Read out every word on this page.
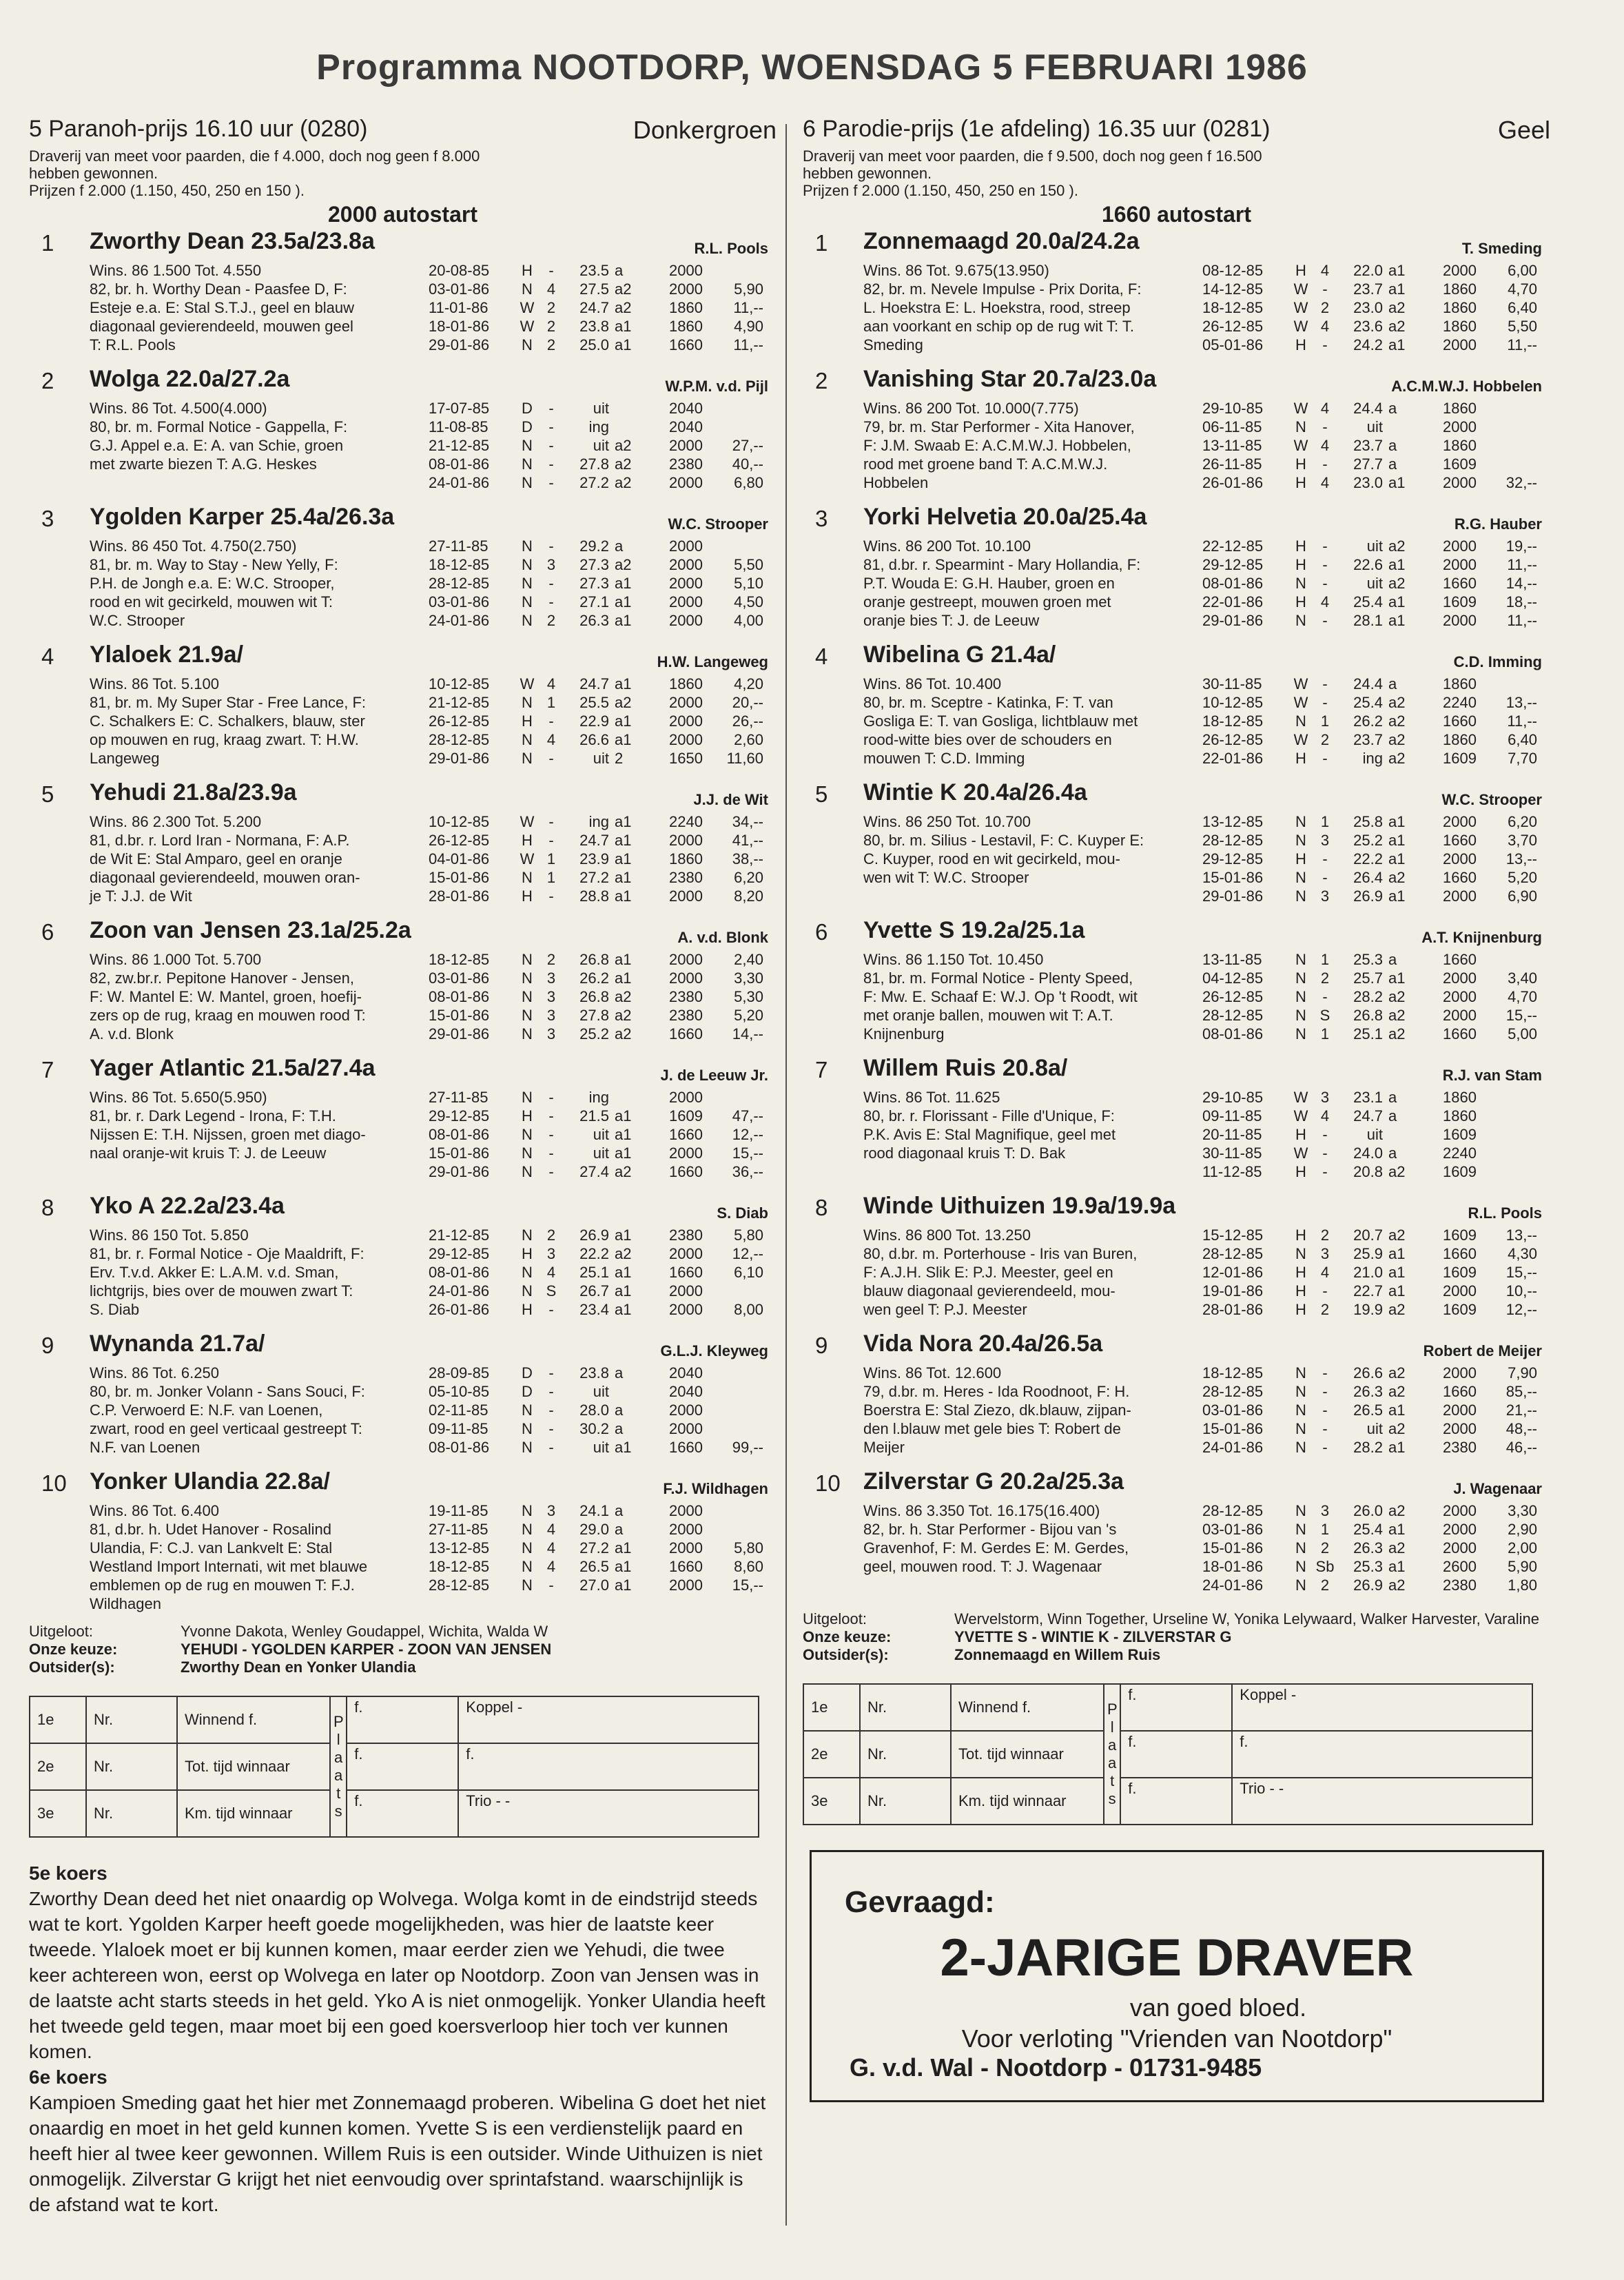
Programma NOOTDORP, WOENSDAG 5 FEBRUARI 1986
5 Paranoh-prijs 16.10 uur (0280)	Donkergroen
Draverij van meet voor paarden, die f 4.000, doch nog geen f 8.000
hebben gewonnen.
Prijzen f 2.000 (1.150, 450, 250 en 150 ).
2000 autostart
1 Zworthy Dean 23.5a/23.8a	R.L. Pools
Wins. 86 1.500 Tot. 4.550
82, br. h. Worthy Dean - Paasfee D, F:
Esteje e.a. E: Stal S.T.J., geel en blauw
diagonaal gevierendeeld, mouwen geel
T: R.L. Pools
20-08-85	H	-	23.5	a	2000	
03-01-86	N	4	27.5	a2	2000	5,90
11-01-86	W	2	24.7	a2	1860	11,--
18-01-86	W	2	23.8	a1	1860	4,90
29-01-86	N	2	25.0	a1	1660	11,--
2 Wolga 22.0a/27.2a	W.P.M. v.d. Pijl
Wins. 86 Tot. 4.500(4.000)
80, br. m. Formal Notice - Gappella, F:
G.J. Appel e.a. E: A. van Schie, groen
met zwarte biezen T: A.G. Heskes
17-07-85	D	-	uit		2040	
11-08-85	D	-	ing		2040	
21-12-85	N	-	uit	a2	2000	27,--
08-01-86	N	-	27.8	a2	2380	40,--
24-01-86	N	-	27.2	a2	2000	6,80
3 Ygolden Karper 25.4a/26.3a	W.C. Strooper
Wins. 86 450 Tot. 4.750(2.750)
81, br. m. Way to Stay - New Yelly, F:
P.H. de Jongh e.a. E: W.C. Strooper,
rood en wit gecirkeld, mouwen wit T:
W.C. Strooper
27-11-85	N	-	29.2	a	2000	
18-12-85	N	3	27.3	a2	2000	5,50
28-12-85	N	-	27.3	a1	2000	5,10
03-01-86	N	-	27.1	a1	2000	4,50
24-01-86	N	2	26.3	a1	2000	4,00
4 Ylaloek 21.9a/	H.W. Langeweg
Wins. 86 Tot. 5.100
81, br. m. My Super Star - Free Lance, F:
C. Schalkers E: C. Schalkers, blauw, ster
op mouwen en rug, kraag zwart. T: H.W.
Langeweg
10-12-85	W	4	24.7	a1	1860	4,20
21-12-85	N	1	25.5	a2	2000	20,--
26-12-85	H	-	22.9	a1	2000	26,--
28-12-85	N	4	26.6	a1	2000	2,60
29-01-86	N	-	uit	2	1650	11,60
5 Yehudi 21.8a/23.9a	J.J. de Wit
Wins. 86 2.300 Tot. 5.200
81, d.br. r. Lord Iran - Normana, F: A.P.
de Wit E: Stal Amparo, geel en oranje
diagonaal gevierendeeld, mouwen oran-
je T: J.J. de Wit
10-12-85	W	-	ing	a1	2240	34,--
26-12-85	H	-	24.7	a1	2000	41,--
04-01-86	W	1	23.9	a1	1860	38,--
15-01-86	N	1	27.2	a1	2380	6,20
28-01-86	H	-	28.8	a1	2000	8,20
6 Zoon van Jensen 23.1a/25.2a	A. v.d. Blonk
Wins. 86 1.000 Tot. 5.700
82, zw.br.r. Pepitone Hanover - Jensen,
F: W. Mantel E: W. Mantel, groen, hoefij-
zers op de rug, kraag en mouwen rood T:
A. v.d. Blonk
18-12-85	N	2	26.8	a1	2000	2,40
03-01-86	N	3	26.2	a1	2000	3,30
08-01-86	N	3	26.8	a2	2380	5,30
15-01-86	N	3	27.8	a2	2380	5,20
29-01-86	N	3	25.2	a2	1660	14,--
7 Yager Atlantic 21.5a/27.4a	J. de Leeuw Jr.
Wins. 86 Tot. 5.650(5.950)
81, br. r. Dark Legend - Irona, F: T.H.
Nijssen E: T.H. Nijssen, groen met diago-
naal oranje-wit kruis T: J. de Leeuw
27-11-85	N	-	ing		2000	
29-12-85	H	-	21.5	a1	1609	47,--
08-01-86	N	-	uit	a1	1660	12,--
15-01-86	N	-	uit	a1	2000	15,--
29-01-86	N	-	27.4	a2	1660	36,--
8 Yko A 22.2a/23.4a	S. Diab
Wins. 86 150 Tot. 5.850
81, br. r. Formal Notice - Oje Maaldrift, F:
Erv. T.v.d. Akker E: L.A.M. v.d. Sman,
lichtgrijs, bies over de mouwen zwart T:
S. Diab
21-12-85	N	2	26.9	a1	2380	5,80
29-12-85	H	3	22.2	a2	2000	12,--
08-01-86	N	4	25.1	a1	1660	6,10
24-01-86	N	S	26.7	a1	2000	
26-01-86	H	-	23.4	a1	2000	8,00
9 Wynanda 21.7a/	G.L.J. Kleyweg
Wins. 86 Tot. 6.250
80, br. m. Jonker Volann - Sans Souci, F:
C.P. Verwoerd E: N.F. van Loenen,
zwart, rood en geel verticaal gestreept T:
N.F. van Loenen
28-09-85	D	-	23.8	a	2040	
05-10-85	D	-	uit		2040	
02-11-85	N	-	28.0	a	2000	
09-11-85	N	-	30.2	a	2000	
08-01-86	N	-	uit	a1	1660	99,--
10 Yonker Ulandia 22.8a/	F.J. Wildhagen
Wins. 86 Tot. 6.400
81, d.br. h. Udet Hanover - Rosalind
Ulandia, F: C.J. van Lankvelt E: Stal
Westland Import Internati, wit met blauwe
emblemen op de rug en mouwen T: F.J.
Wildhagen
19-11-85	N	3	24.1	a	2000	
27-11-85	N	4	29.0	a	2000	
13-12-85	N	4	27.2	a1	2000	5,80
18-12-85	N	4	26.5	a1	1660	8,60
28-12-85	N	-	27.0	a1	2000	15,--
Uitgeloot:	Yvonne Dakota, Wenley Goudappel, Wichita, Walda W
Onze keuze:	YEHUDI - YGOLDEN KARPER - ZOON VAN JENSEN
Outsider(s):	Zworthy Dean en Yonker Ulandia
1e	Nr.	Winnend f.	P l a a t s	f.	Koppel -
2e	Nr.	Tot. tijd winnaar		f.	f.
3e	Nr.	Km. tijd winnaar		f.	Trio - -
6 Parodie-prijs (1e afdeling) 16.35 uur (0281)	Geel
Draverij van meet voor paarden, die f 9.500, doch nog geen f 16.500
hebben gewonnen.
Prijzen f 2.000 (1.150, 450, 250 en 150 ).
1660 autostart
1 Zonnemaagd 20.0a/24.2a	T. Smeding
Wins. 86 Tot. 9.675(13.950)
82, br. m. Nevele Impulse - Prix Dorita, F:
L. Hoekstra E: L. Hoekstra, rood, streep
aan voorkant en schip op de rug wit T: T.
Smeding
08-12-85	H	4	22.0	a1	2000	6,00
14-12-85	W	-	23.7	a1	1860	4,70
18-12-85	W	2	23.0	a2	1860	6,40
26-12-85	W	4	23.6	a2	1860	5,50
05-01-86	H	-	24.2	a1	2000	11,--
2 Vanishing Star 20.7a/23.0a	A.C.M.W.J. Hobbelen
Wins. 86 200 Tot. 10.000(7.775)
79, br. m. Star Performer - Xita Hanover,
F: J.M. Swaab E: A.C.M.W.J. Hobbelen,
rood met groene band T: A.C.M.W.J.
Hobbelen
29-10-85	W	4	24.4	a	1860	
06-11-85	N	-	uit		2000	
13-11-85	W	4	23.7	a	1860	
26-11-85	H	-	27.7	a	1609	
26-01-86	H	4	23.0	a1	2000	32,--
3 Yorki Helvetia 20.0a/25.4a	R.G. Hauber
Wins. 86 200 Tot. 10.100
81, d.br. r. Spearmint - Mary Hollandia, F:
P.T. Wouda E: G.H. Hauber, groen en
oranje gestreept, mouwen groen met
oranje bies T: J. de Leeuw
22-12-85	H	-	uit	a2	2000	19,--
29-12-85	H	-	22.6	a1	2000	11,--
08-01-86	N	-	uit	a2	1660	14,--
22-01-86	H	4	25.4	a1	1609	18,--
29-01-86	N	-	28.1	a1	2000	11,--
4 Wibelina G 21.4a/	C.D. Imming
Wins. 86 Tot. 10.400
80, br. m. Sceptre - Katinka, F: T. van
Gosliga E: T. van Gosliga, lichtblauw met
rood-witte bies over de schouders en
mouwen T: C.D. Imming
30-11-85	W	-	24.4	a	1860	
10-12-85	W	-	25.4	a2	2240	13,--
18-12-85	N	1	26.2	a2	1660	11,--
26-12-85	W	2	23.7	a2	1860	6,40
22-01-86	H	-	ing	a2	1609	7,70
5 Wintie K 20.4a/26.4a	W.C. Strooper
Wins. 86 250 Tot. 10.700
80, br. m. Silius - Lestavil, F: C. Kuyper E:
C. Kuyper, rood en wit gecirkeld, mou-
wen wit T: W.C. Strooper
13-12-85	N	1	25.8	a1	2000	6,20
28-12-85	N	3	25.2	a1	1660	3,70
29-12-85	H	-	22.2	a1	2000	13,--
15-01-86	N	-	26.4	a2	1660	5,20
29-01-86	N	3	26.9	a1	2000	6,90
6 Yvette S 19.2a/25.1a	A.T. Knijnenburg
Wins. 86 1.150 Tot. 10.450
81, br. m. Formal Notice - Plenty Speed,
F: Mw. E. Schaaf E: W.J. Op 't Roodt, wit
met oranje ballen, mouwen wit T: A.T.
Knijnenburg
13-11-85	N	1	25.3	a	1660	
04-12-85	N	2	25.7	a1	2000	3,40
26-12-85	N	-	28.2	a2	2000	4,70
28-12-85	N	S	26.8	a2	2000	15,--
08-01-86	N	1	25.1	a2	1660	5,00
7 Willem Ruis 20.8a/	R.J. van Stam
Wins. 86 Tot. 11.625
80, br. r. Florissant - Fille d'Unique, F:
P.K. Avis E: Stal Magnifique, geel met
rood diagonaal kruis T: D. Bak
29-10-85	W	3	23.1	a	1860	
09-11-85	W	4	24.7	a	1860	
20-11-85	H	-	uit		1609	
30-11-85	W	-	24.0	a	2240	
11-12-85	H	-	20.8	a2	1609	
8 Winde Uithuizen 19.9a/19.9a	R.L. Pools
Wins. 86 800 Tot. 13.250
80, d.br. m. Porterhouse - Iris van Buren,
F: A.J.H. Slik E: P.J. Meester, geel en
blauw diagonaal gevierendeeld, mou-
wen geel T: P.J. Meester
15-12-85	H	2	20.7	a2	1609	13,--
28-12-85	N	3	25.9	a1	1660	4,30
12-01-86	H	4	21.0	a1	1609	15,--
19-01-86	H	-	22.7	a1	2000	10,--
28-01-86	H	2	19.9	a2	1609	12,--
9 Vida Nora 20.4a/26.5a	Robert de Meijer
Wins. 86 Tot. 12.600
79, d.br. m. Heres - Ida Roodnoot, F: H.
Boerstra E: Stal Ziezo, dk.blauw, zijpan-
den l.blauw met gele bies T: Robert de
Meijer
18-12-85	N	-	26.6	a2	2000	7,90
28-12-85	N	-	26.3	a2	1660	85,--
03-01-86	N	-	26.5	a1	2000	21,--
15-01-86	N	-	uit	a2	2000	48,--
24-01-86	N	-	28.2	a1	2380	46,--
10 Zilverstar G 20.2a/25.3a	J. Wagenaar
Wins. 86 3.350 Tot. 16.175(16.400)
82, br. h. Star Performer - Bijou van 's
Gravenhof, F: M. Gerdes E: M. Gerdes,
geel, mouwen rood. T: J. Wagenaar
28-12-85	N	3	26.0	a2	2000	3,30
03-01-86	N	1	25.4	a1	2000	2,90
15-01-86	N	2	26.3	a2	2000	2,00
18-01-86	N	Sb	25.3	a1	2600	5,90
24-01-86	N	2	26.9	a2	2380	1,80
Uitgeloot:	Wervelstorm, Winn Together, Urseline W, Yonika Lelywaard, Walker Harvester, Varaline
Onze keuze:	YVETTE S - WINTIE K - ZILVERSTAR G
Outsider(s):	Zonnemaagd en Willem Ruis
1e	Nr.	Winnend f.	P l a a t s	f.	Koppel -
2e	Nr.	Tot. tijd winnaar		f.	f.
3e	Nr.	Km. tijd winnaar		f.	Trio - -
5e koers
Zworthy Dean deed het niet onaardig op Wolvega. Wolga komt in de eindstrijd steeds wat te kort. Ygolden Karper heeft goede mogelijkheden, was hier de laatste keer tweede. Ylaloek moet er bij kunnen komen, maar eerder zien we Yehudi, die twee keer achtereen won, eerst op Wolvega en later op Nootdorp. Zoon van Jensen was in de laatste acht starts steeds in het geld. Yko A is niet onmogelijk. Yonker Ulandia heeft het tweede geld tegen, maar moet bij een goed koersverloop hier toch ver kunnen komen.
6e koers
Kampioen Smeding gaat het hier met Zonnemaagd proberen. Wibelina G doet het niet onaardig en moet in het geld kunnen komen. Yvette S is een verdienstelijk paard en heeft hier al twee keer gewonnen. Willem Ruis is een outsider. Winde Uithuizen is niet onmogelijk. Zilverstar G krijgt het niet eenvoudig over sprintafstand. waarschijnlijk is de afstand wat te kort.
Gevraagd:
2-JARIGE DRAVER
van goed bloed.
Voor verloting "Vrienden van Nootdorp"
G. v.d. Wal - Nootdorp - 01731-9485
